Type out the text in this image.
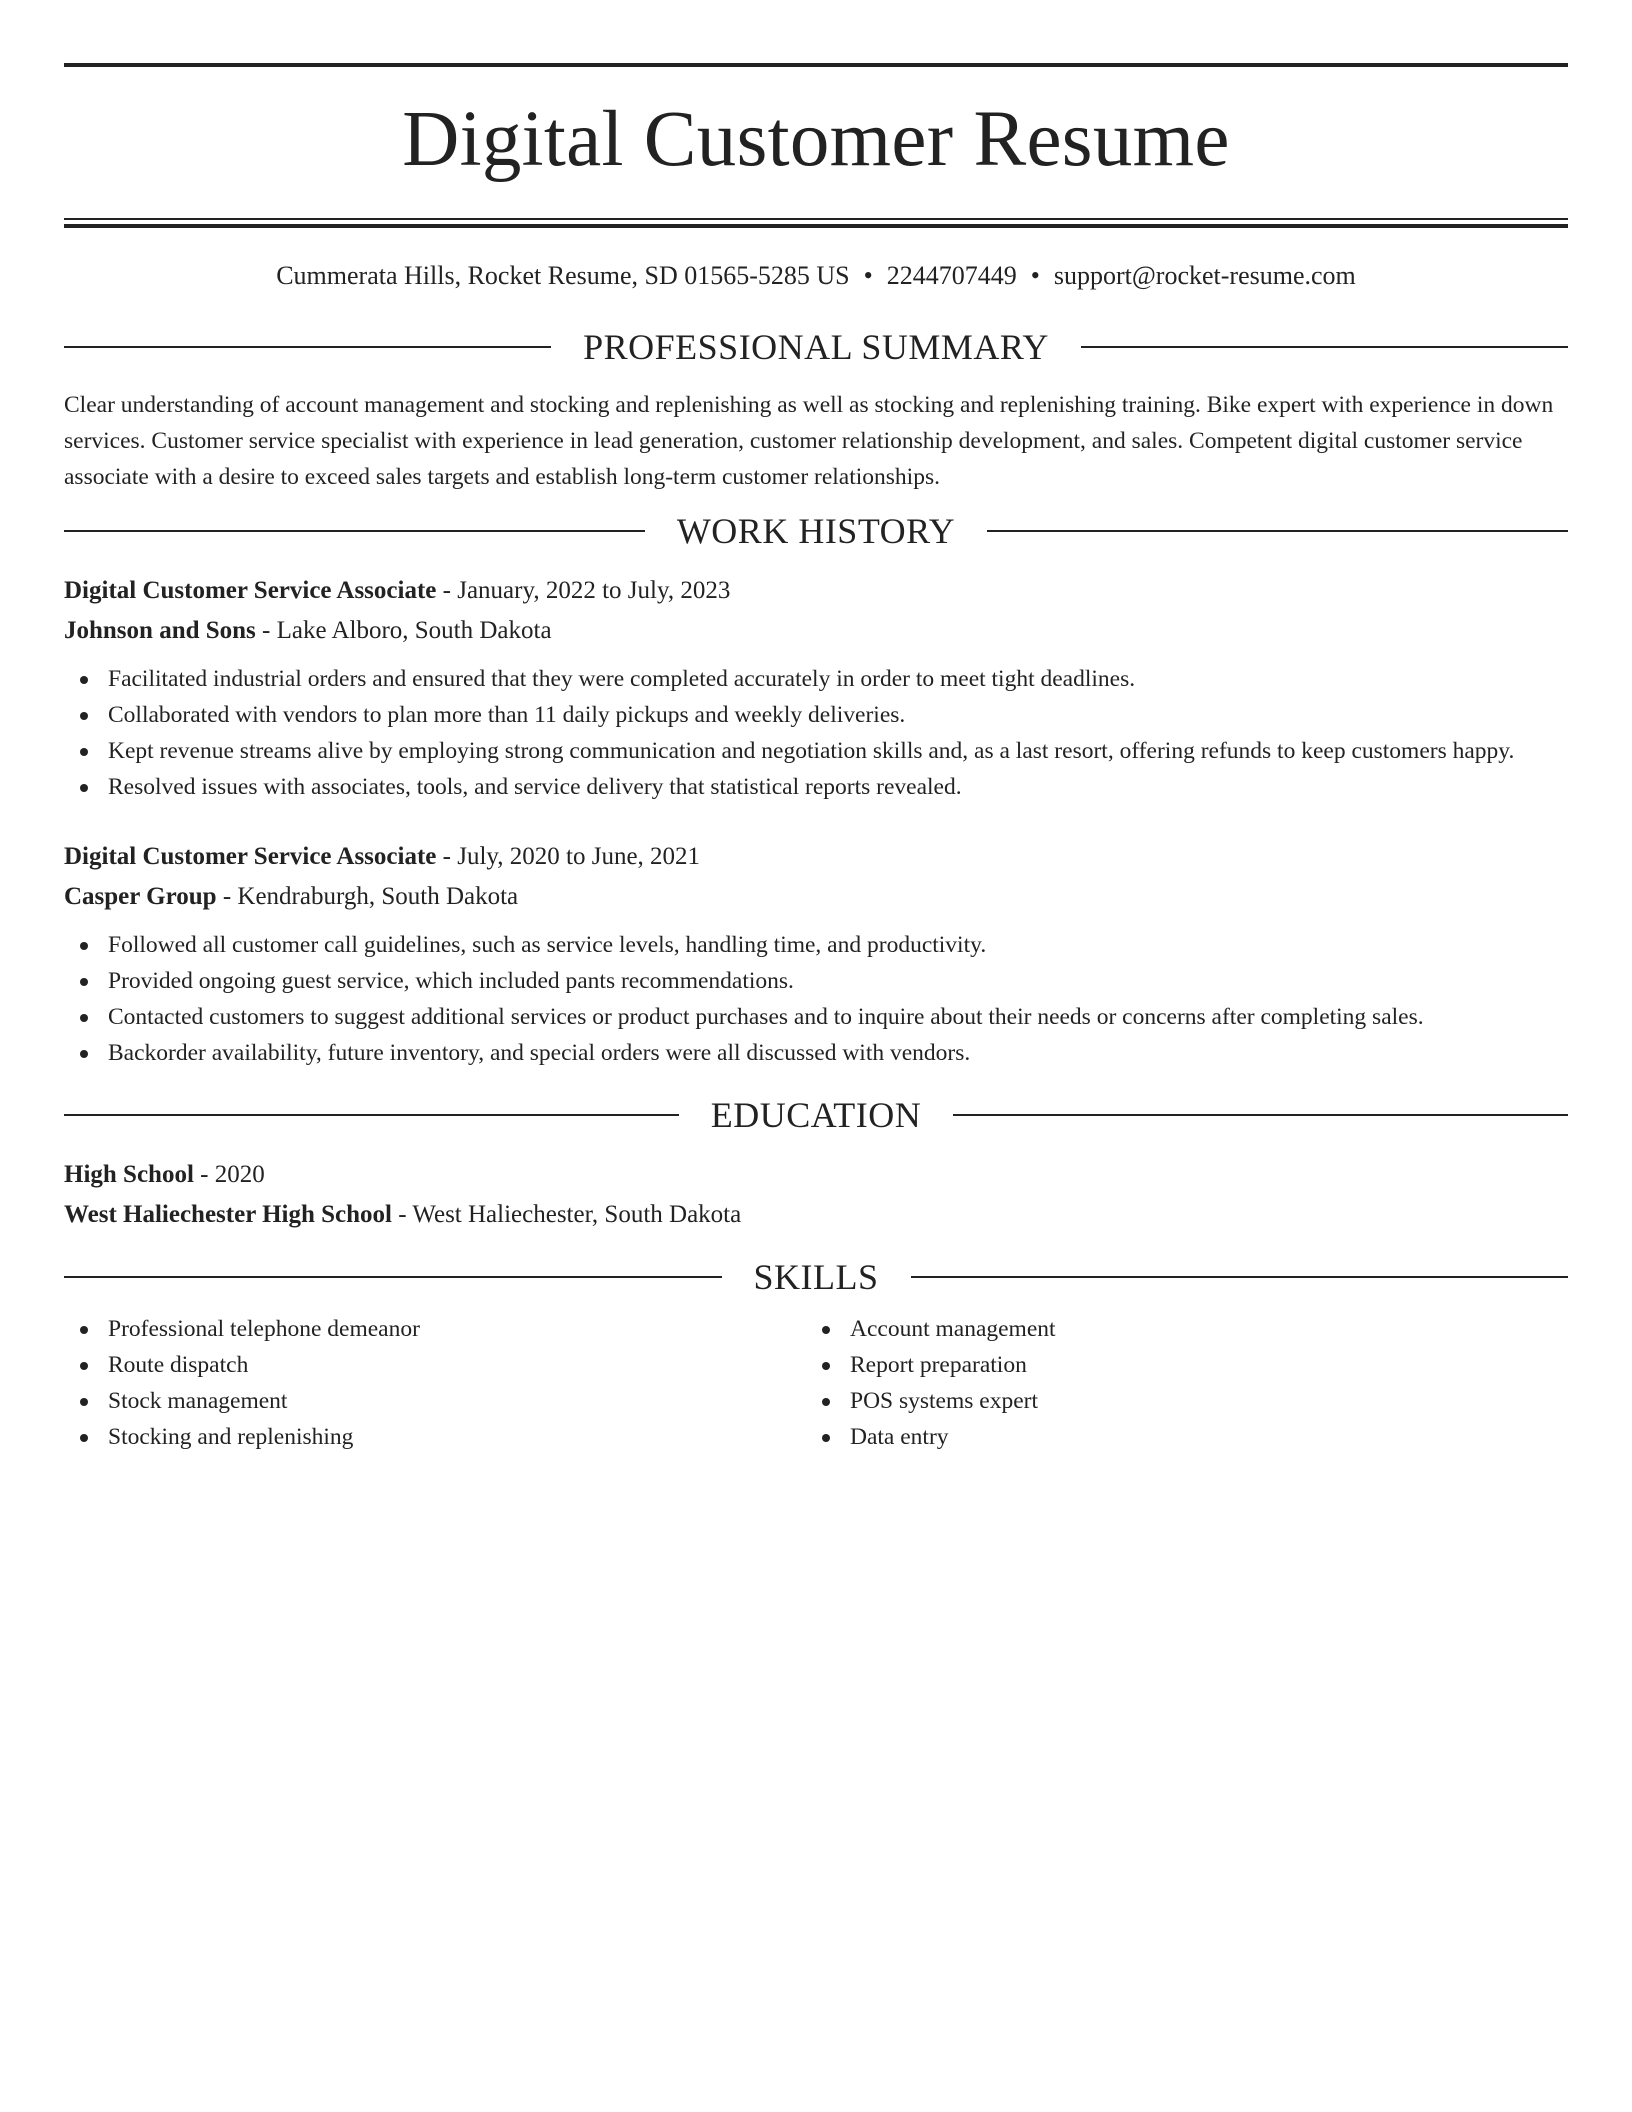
Digital Customer Resume
Cummerata Hills, Rocket Resume, SD 01565-5285 US • 2244707449 • support@rocket-resume.com
PROFESSIONAL SUMMARY
Clear understanding of account management and stocking and replenishing as well as stocking and replenishing training. Bike expert with experience in down services. Customer service specialist with experience in lead generation, customer relationship development, and sales. Competent digital customer service associate with a desire to exceed sales targets and establish long-term customer relationships.
WORK HISTORY
Digital Customer Service Associate - January, 2022 to July, 2023
Johnson and Sons - Lake Alboro, South Dakota
Facilitated industrial orders and ensured that they were completed accurately in order to meet tight deadlines.
Collaborated with vendors to plan more than 11 daily pickups and weekly deliveries.
Kept revenue streams alive by employing strong communication and negotiation skills and, as a last resort, offering refunds to keep customers happy.
Resolved issues with associates, tools, and service delivery that statistical reports revealed.
Digital Customer Service Associate - July, 2020 to June, 2021
Casper Group - Kendraburgh, South Dakota
Followed all customer call guidelines, such as service levels, handling time, and productivity.
Provided ongoing guest service, which included pants recommendations.
Contacted customers to suggest additional services or product purchases and to inquire about their needs or concerns after completing sales.
Backorder availability, future inventory, and special orders were all discussed with vendors.
EDUCATION
High School - 2020
West Haliechester High School - West Haliechester, South Dakota
SKILLS
Professional telephone demeanor
Route dispatch
Stock management
Stocking and replenishing
Account management
Report preparation
POS systems expert
Data entry
